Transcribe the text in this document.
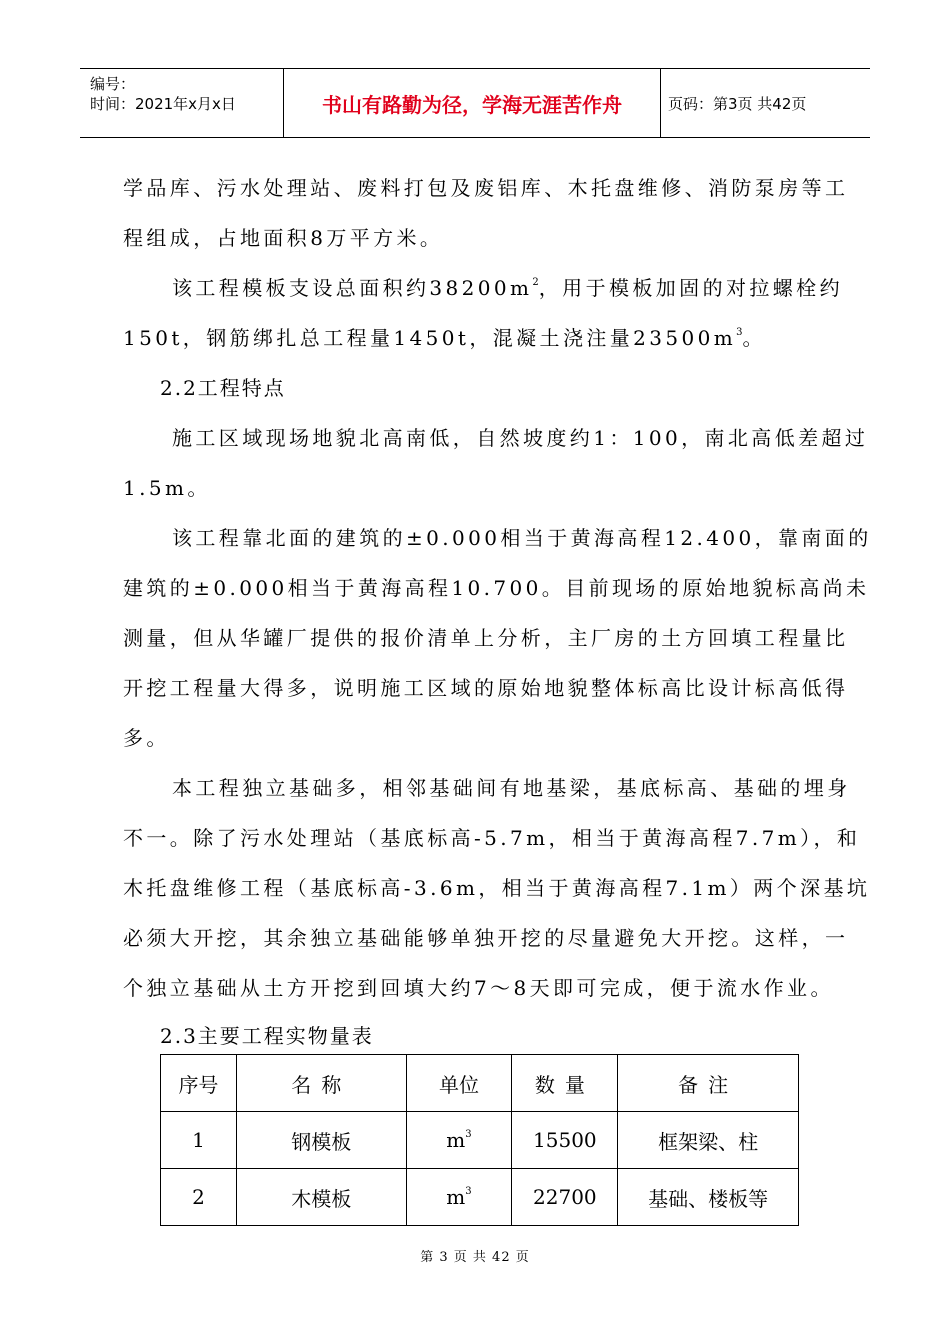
编号：
时间：2021年x月x日	书山有路勤为径，学海无涯苦作舟	页码：第3页 共42页
学品库、污水处理站、废料打包及废铝库、木托盘维修、消防泵房等工
程组成，占地面积8万平方米。
该工程模板支设总面积约$38200m^2$，用于模板加固的对拉螺栓约
150t，钢筋绑扎总工程量1450t，混凝土浇注量$23500m^3$。
2.2工程特点
施工区域现场地貌北高南低，自然坡度约1：100，南北高低差超过
1.5m。
该工程靠北面的建筑的±0.000相当于黄海高程12.400，靠南面的
建筑的±0.000相当于黄海高程10.700。目前现场的原始地貌标高尚未
测量，但从华罐厂提供的报价清单上分析，主厂房的土方回填工程量比
开挖工程量大得多，说明施工区域的原始地貌整体标高比设计标高低得
多。
本工程独立基础多，相邻基础间有地基梁，基底标高、基础的埋身
不一。除了污水处理站（基底标高-5.7m，相当于黄海高程7.7m），和
木托盘维修工程（基底标高-3.6m，相当于黄海高程7.1m）两个深基坑
必须大开挖，其余独立基础能够单独开挖的尽量避免大开挖。这样，一
个独立基础从土方开挖到回填大约7～8天即可完成，便于流水作业。
2.3主要工程实物量表
序号	名称	单位	数量	备注
1	钢模板	$m^3$	15500	框架梁、柱
2	木模板	$m^3$	22700	基础、楼板等
第 3 页 共 42 页
